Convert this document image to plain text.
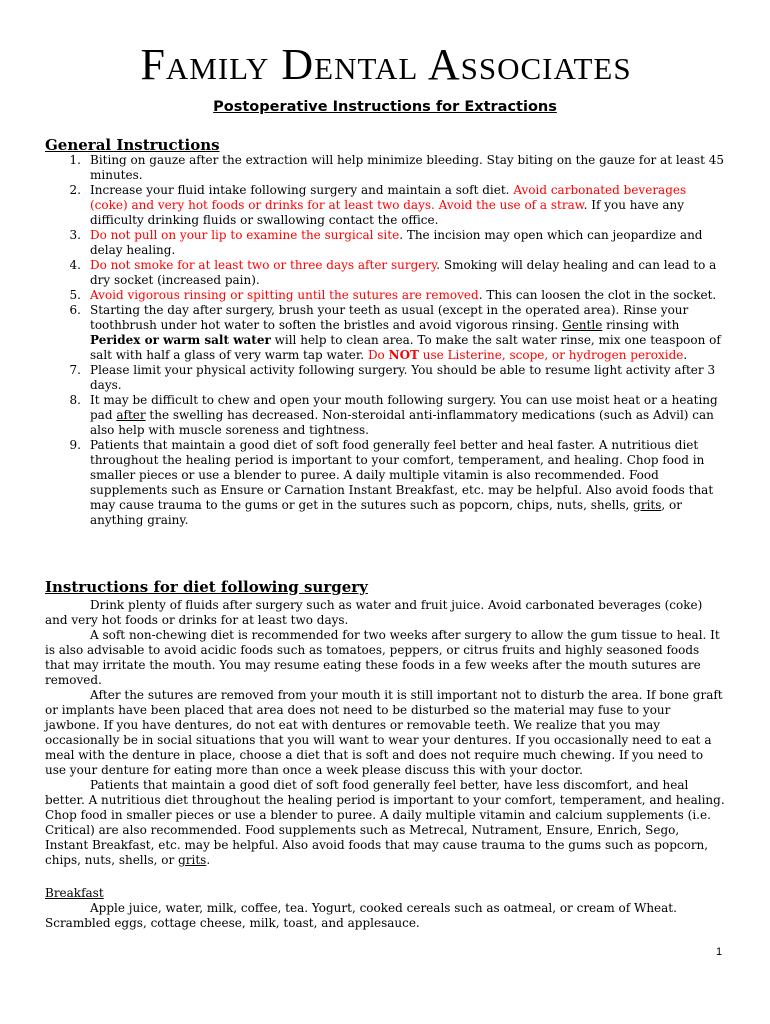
Family Dental Associates
Postoperative Instructions for Extractions
General Instructions
1. Biting on gauze after the extraction will help minimize bleeding. Stay biting on the gauze for at least 45 minutes.
2. Increase your fluid intake following surgery and maintain a soft diet. Avoid carbonated beverages (coke) and very hot foods or drinks for at least two days. Avoid the use of a straw. If you have any difficulty drinking fluids or swallowing contact the office.
3. Do not pull on your lip to examine the surgical site. The incision may open which can jeopardize and delay healing.
4. Do not smoke for at least two or three days after surgery. Smoking will delay healing and can lead to a dry socket (increased pain).
5. Avoid vigorous rinsing or spitting until the sutures are removed. This can loosen the clot in the socket.
6. Starting the day after surgery, brush your teeth as usual (except in the operated area). Rinse your toothbrush under hot water to soften the bristles and avoid vigorous rinsing. Gentle rinsing with Peridex or warm salt water will help to clean area. To make the salt water rinse, mix one teaspoon of salt with half a glass of very warm tap water. Do NOT use Listerine, scope, or hydrogen peroxide.
7. Please limit your physical activity following surgery. You should be able to resume light activity after 3 days.
8. It may be difficult to chew and open your mouth following surgery. You can use moist heat or a heating pad after the swelling has decreased. Non-steroidal anti-inflammatory medications (such as Advil) can also help with muscle soreness and tightness.
9. Patients that maintain a good diet of soft food generally feel better and heal faster. A nutritious diet throughout the healing period is important to your comfort, temperament, and healing. Chop food in smaller pieces or use a blender to puree. A daily multiple vitamin is also recommended. Food supplements such as Ensure or Carnation Instant Breakfast, etc. may be helpful. Also avoid foods that may cause trauma to the gums or get in the sutures such as popcorn, chips, nuts, shells, grits, or anything grainy.
Instructions for diet following surgery

Drink plenty of fluids after surgery such as water and fruit juice. Avoid carbonated beverages (coke) and very hot foods or drinks for at least two days.

A soft non-chewing diet is recommended for two weeks after surgery to allow the gum tissue to heal. It is also advisable to avoid acidic foods such as tomatoes, peppers, or citrus fruits and highly seasoned foods that may irritate the mouth. You may resume eating these foods in a few weeks after the mouth sutures are removed.

After the sutures are removed from your mouth it is still important not to disturb the area. If bone graft or implants have been placed that area does not need to be disturbed so the material may fuse to your jawbone. If you have dentures, do not eat with dentures or removable teeth. We realize that you may occasionally be in social situations that you will want to wear your dentures. If you occasionally need to eat a meal with the denture in place, choose a diet that is soft and does not require much chewing. If you need to use your denture for eating more than once a week please discuss this with your doctor.

Patients that maintain a good diet of soft food generally feel better, have less discomfort, and heal better. A nutritious diet throughout the healing period is important to your comfort, temperament, and healing. Chop food in smaller pieces or use a blender to puree. A daily multiple vitamin and calcium supplements (i.e. Critical) are also recommended. Food supplements such as Metrecal, Nutrament, Ensure, Enrich, Sego, Instant Breakfast, etc. may be helpful. Also avoid foods that may cause trauma to the gums such as popcorn, chips, nuts, shells, or grits.

Breakfast

Apple juice, water, milk, coffee, tea. Yogurt, cooked cereals such as oatmeal, or cream of Wheat. Scrambled eggs, cottage cheese, milk, toast, and applesauce.

1
